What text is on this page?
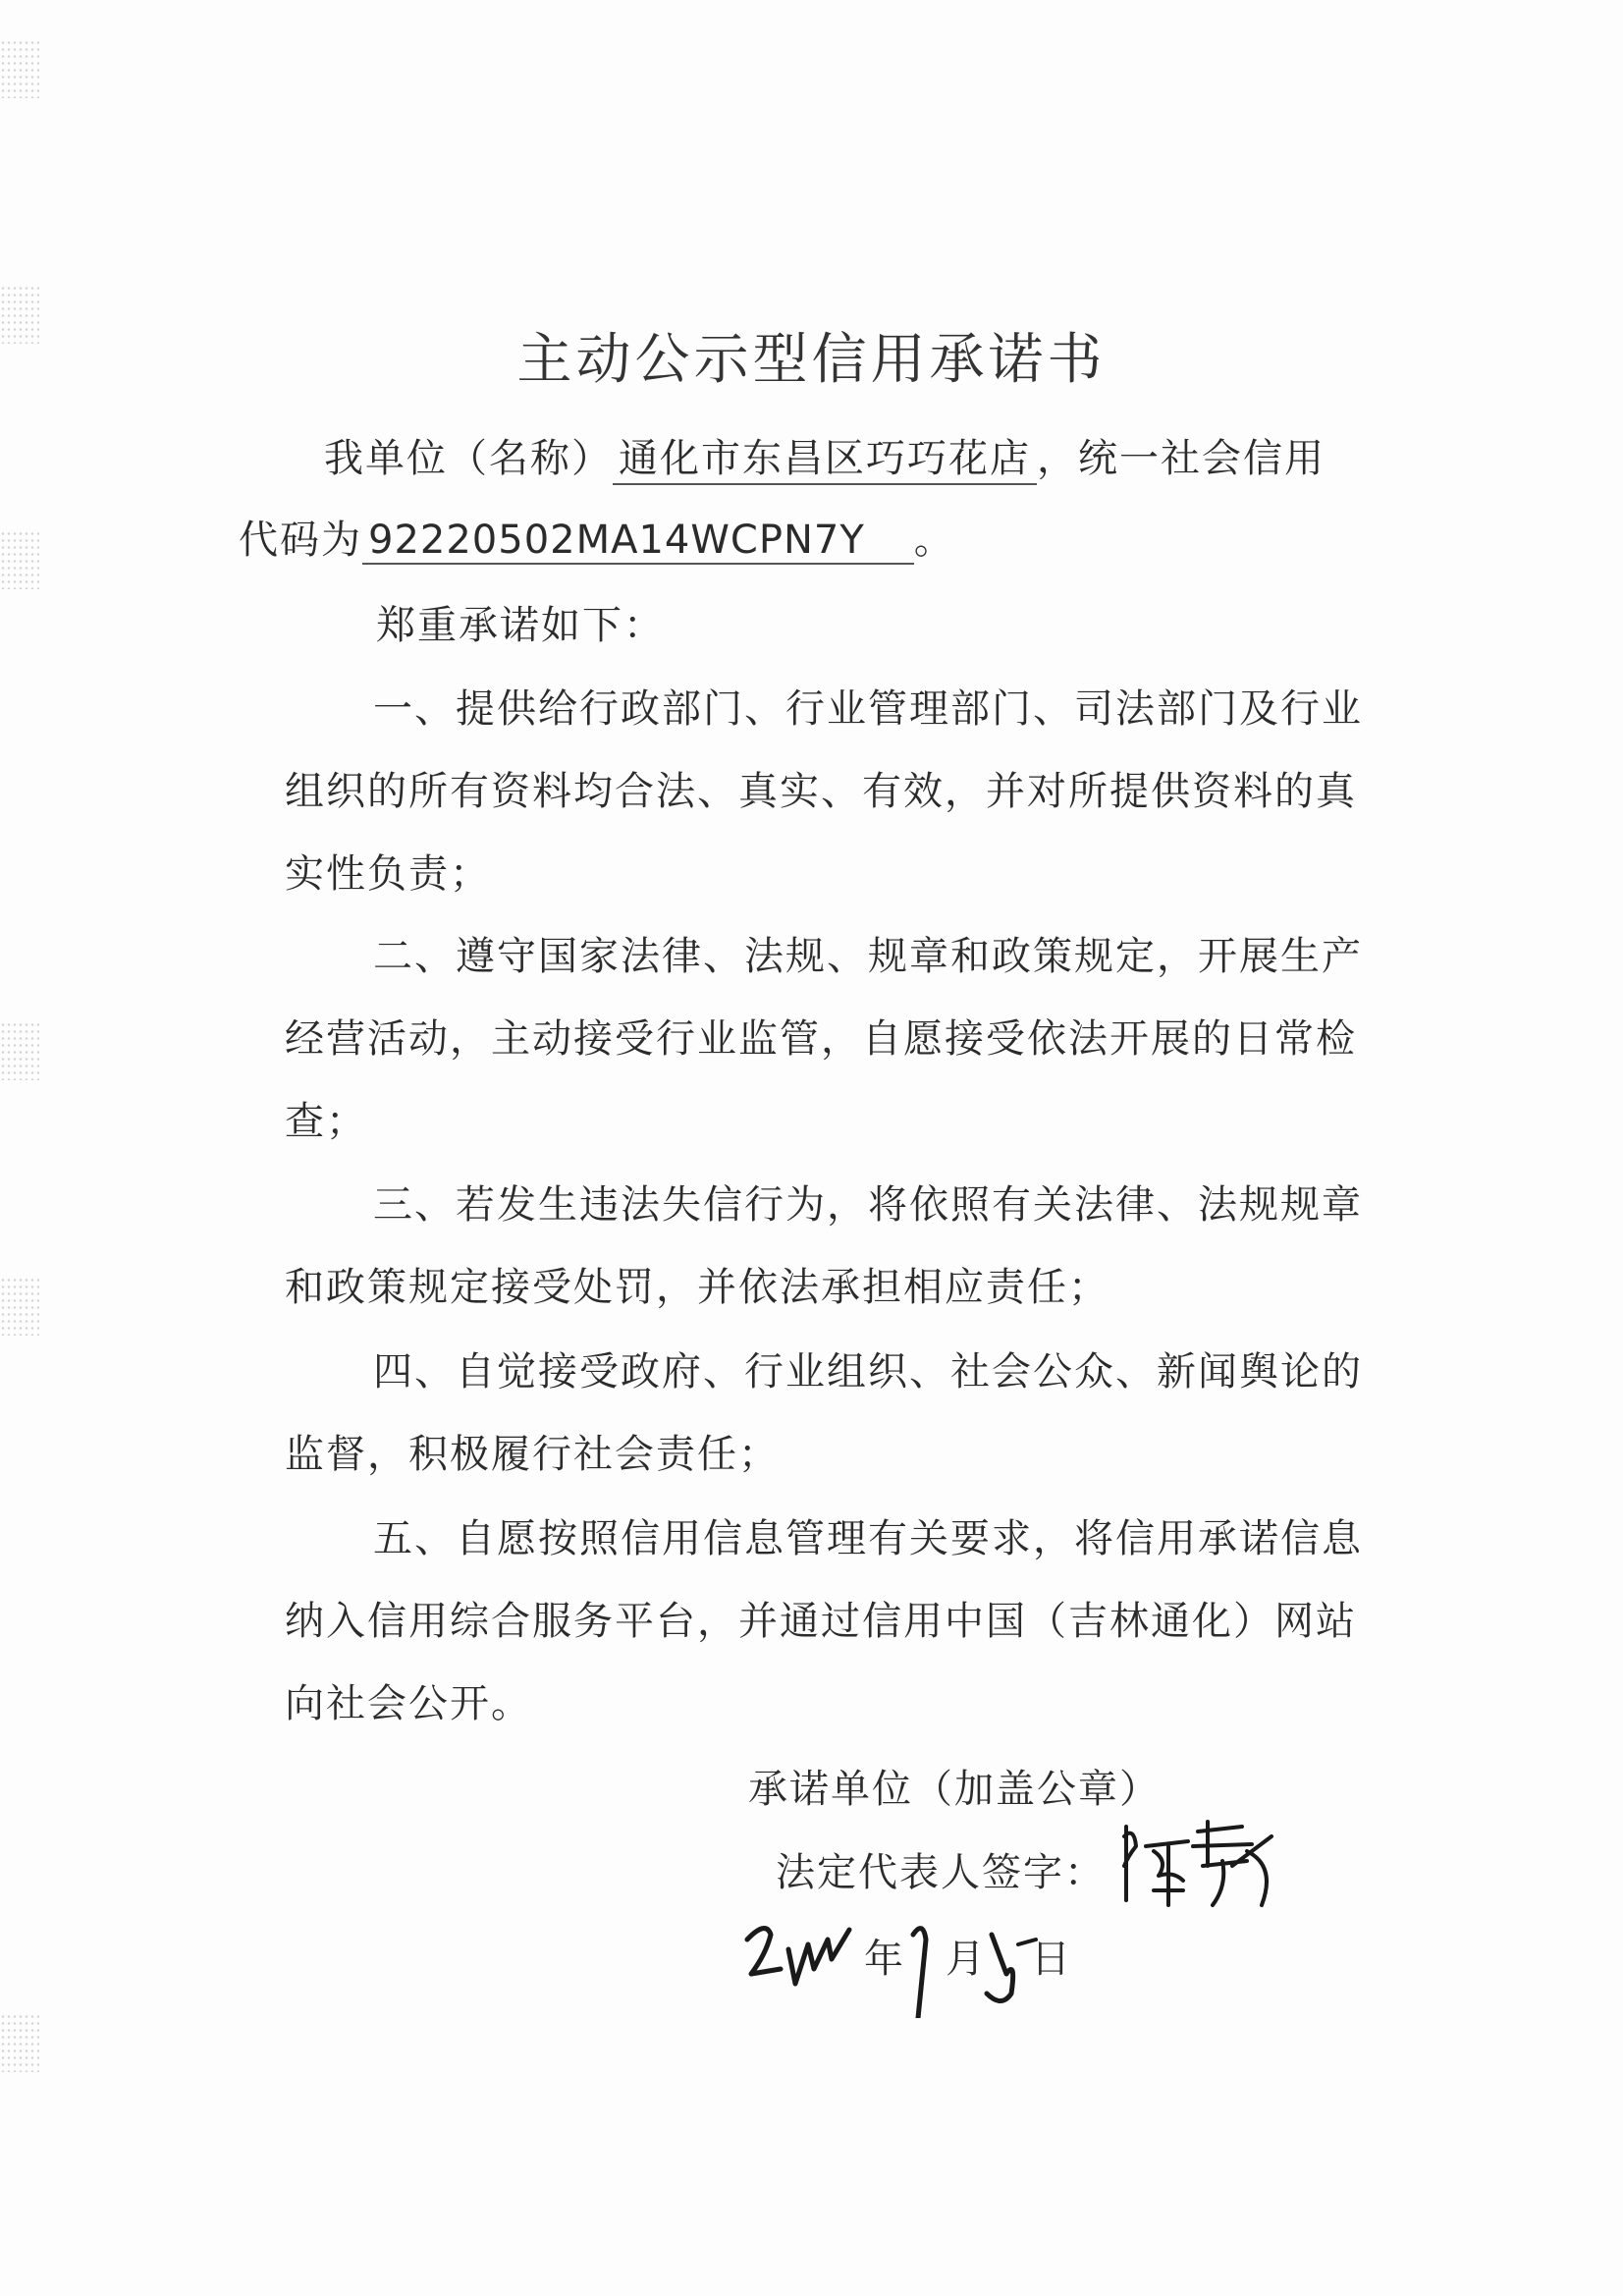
主动公示型信用承诺书
我单位（名称） 通化市东昌区巧巧花店 ，统一社会信用
代码为 92220502MA14WCPN7Y 。
郑重承诺如下：
一、提供给行政部门、行业管理部门、司法部门及行业组织的所有资料均合法、真实、有效，并对所提供资料的真实性负责；
二、遵守国家法律、法规、规章和政策规定，开展生产经营活动，主动接受行业监管，自愿接受依法开展的日常检查；
三、若发生违法失信行为，将依照有关法律、法规规章和政策规定接受处罚，并依法承担相应责任；
四、自觉接受政府、行业组织、社会公众、新闻舆论的监督，积极履行社会责任；
五、自愿按照信用信息管理有关要求，将信用承诺信息纳入信用综合服务平台，并通过信用中国（吉林通化）网站向社会公开。
承诺单位（加盖公章）
法定代表人签字：
年 月 日
